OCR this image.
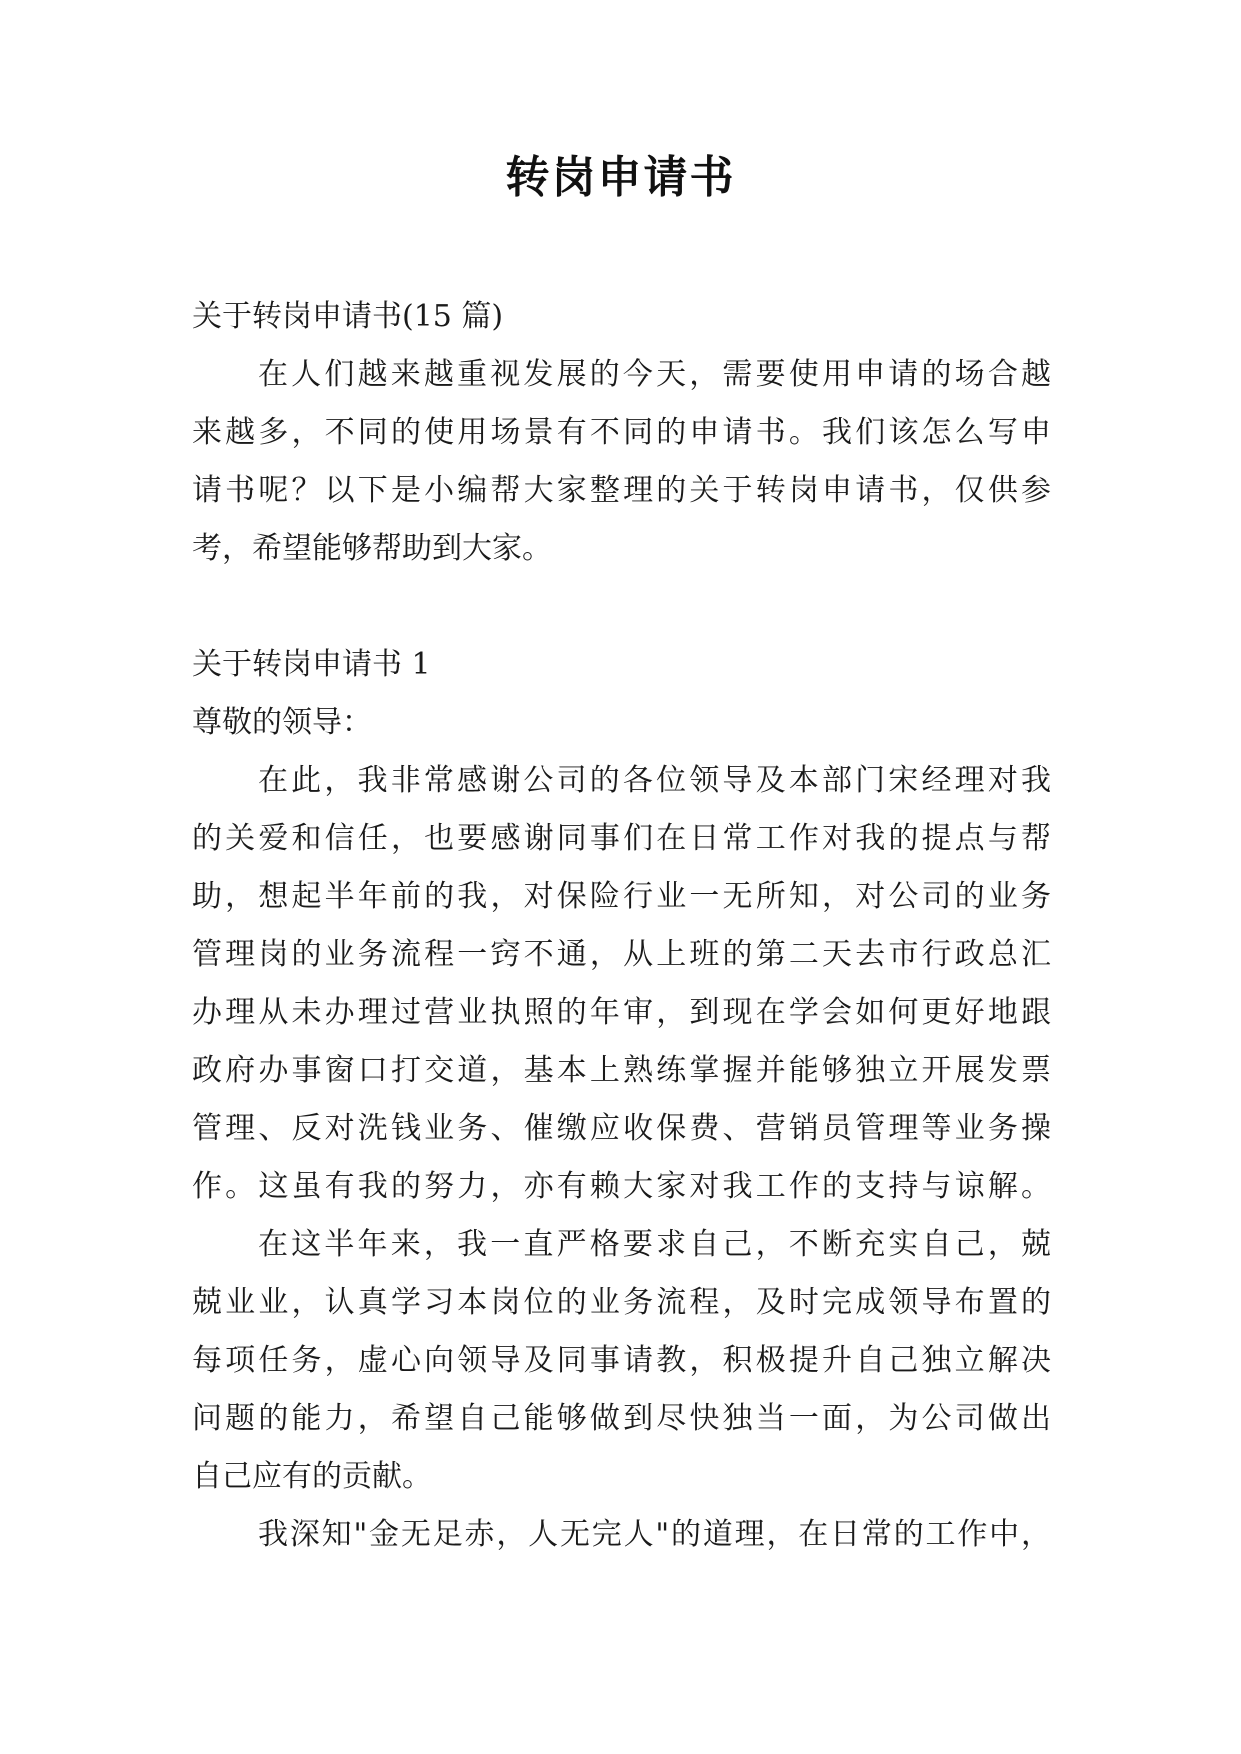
转岗申请书
关于转岗申请书(15 篇)
在人们越来越重视发展的今天，需要使用申请的场合越
来越多，不同的使用场景有不同的申请书。我们该怎么写申
请书呢？以下是小编帮大家整理的关于转岗申请书，仅供参
考，希望能够帮助到大家。
关于转岗申请书 1
尊敬的领导：
在此，我非常感谢公司的各位领导及本部门宋经理对我
的关爱和信任，也要感谢同事们在日常工作对我的提点与帮
助，想起半年前的我，对保险行业一无所知，对公司的业务
管理岗的业务流程一窍不通，从上班的第二天去市行政总汇
办理从未办理过营业执照的年审，到现在学会如何更好地跟
政府办事窗口打交道，基本上熟练掌握并能够独立开展发票
管理、反对洗钱业务、催缴应收保费、营销员管理等业务操
作。这虽有我的努力，亦有赖大家对我工作的支持与谅解。
在这半年来，我一直严格要求自己，不断充实自己，兢
兢业业，认真学习本岗位的业务流程，及时完成领导布置的
每项任务，虚心向领导及同事请教，积极提升自己独立解决
问题的能力，希望自己能够做到尽快独当一面，为公司做出
自己应有的贡献。
我深知"金无足赤，人无完人"的道理，在日常的工作中，
